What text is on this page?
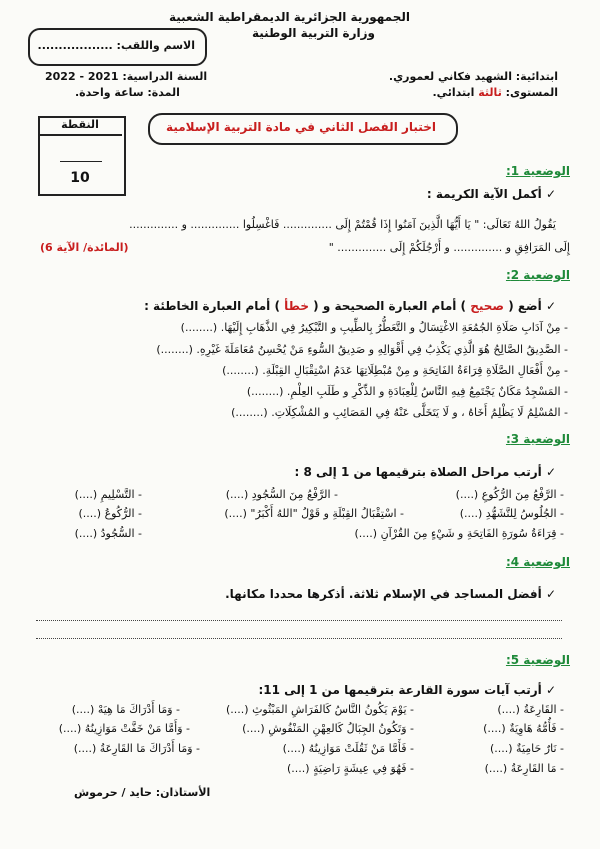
الجمهورية الجزائرية الديمقراطية الشعبية
وزارة التربية الوطنية
الاسم واللقب: ..................
ابتدائية: الشهيد فكاني لعموري.
المستوى: ثالثة ابتدائي.
السنة الدراسية: 2021 - 2022
المدة: ساعة واحدة.
النقطة
10
اختبار الفصل الثاني في مادة التربية الإسلامية
الوضعية 1:
✓ أكمل الآية الكريمة :
يَقُولُ اللهُ تَعَالَى: " يَا أَيُّهَا الَّذِينَ آمَنُوا إِذَا قُمْتُمْ إِلَى .............. فَاغْسِلُوا .............. و ..............
إِلَى المَرَافِقِ و .............. و أَرْجُلَكُمْ إِلَى .............. "
(المائدة/ الآية 6)
الوضعية 2:
✓ أضع ( صحيح ) أمام العبارة الصحيحة و ( خطأ ) أمام العبارة الخاطئة :
- مِنْ آدَابِ صَلَاةِ الجُمُعَةِ الاغْتِسَالُ و التَّعَطُّرُ بِالطِّيبِ و التَّبْكِيرُ فِي الذَّهَابِ إِلَيْهَا. (........)
- الصَّدِيقُ الصَّالِحُ هُوَ الَّذِي يَكْذِبُ فِي أَقْوَالِهِ و صَدِيقُ السُّوءِ مَنْ يُحْسِنُ مُعَامَلَةَ غَيْرِهِ. (........)
- مِنْ أَفْعَالِ الصَّلَاةِ قِرَاءَةُ الفَاتِحَةِ و مِنْ مُبْطِلَاتِهَا عَدَمُ اسْتِقْبَالِ القِبْلَةِ. (........)
- المَسْجِدُ مَكَانٌ يَجْتَمِعُ فِيهِ النَّاسُ لِلْعِبَادَةِ و الذِّكْرِ و طَلَبِ العِلْمِ. (........)
- المُسْلِمُ لَا يَظْلِمُ أَخَاهُ ، و لَا يَتَخَلَّى عَنْهُ فِي المَصَائِبِ و المُشْكِلَاتِ. (........)
الوضعية 3:
✓ أرتب مراحل الصلاة بترقيمها من 1 إلى 8 :
- الرَّفْعُ مِنَ الرُّكُوعِ (....)
- الرَّفْعُ مِنَ السُّجُودِ (....)
- التَّسْلِيمِ (....)
- الجُلُوسُ لِلتَّشَهُّدِ (....)
- اسْتِقْبَالُ القِبْلَةِ و قَوْلُ "اللهُ أَكْبَرُ" (....)
- الرُّكُوعُ (....)
- قِرَاءَةُ سُورَةِ الفَاتِحَةِ و شَيْءٍ مِنَ القُرْآنِ (....)
- السُّجُودُ (....)
الوضعية 4:
✓ أفضل المساجد في الإسلام ثلاثة. أذكرها محددا مكانها.
الوضعية 5:
✓ أرتب آيات سورة القارعة بترقيمها من 1 إلى 11:
- القَارِعَةُ (....)
- يَوْمَ يَكُونُ النَّاسُ كَالفَرَاشِ المَبْثُوثِ (....)
- وَمَا أَدْرَاكَ مَا هِيَهْ (....)
- فَأُمُّهُ هَاوِيَةٌ (....)
- وَتَكُونُ الجِبَالُ كَالعِهْنِ المَنْفُوشِ (....)
- وَأَمَّا مَنْ خَفَّتْ مَوَازِينُهُ (....)
- نَارٌ حَامِيَةٌ (....)
- فَأَمَّا مَنْ ثَقُلَتْ مَوَازِينُهُ (....)
- وَمَا أَدْرَاكَ مَا القَارِعَةُ (....)
- مَا القَارِعَةُ (....)
- فَهُوَ فِي عِيشَةٍ رَاضِيَةٍ (....)
الأستاذان: حايد / حرموش
